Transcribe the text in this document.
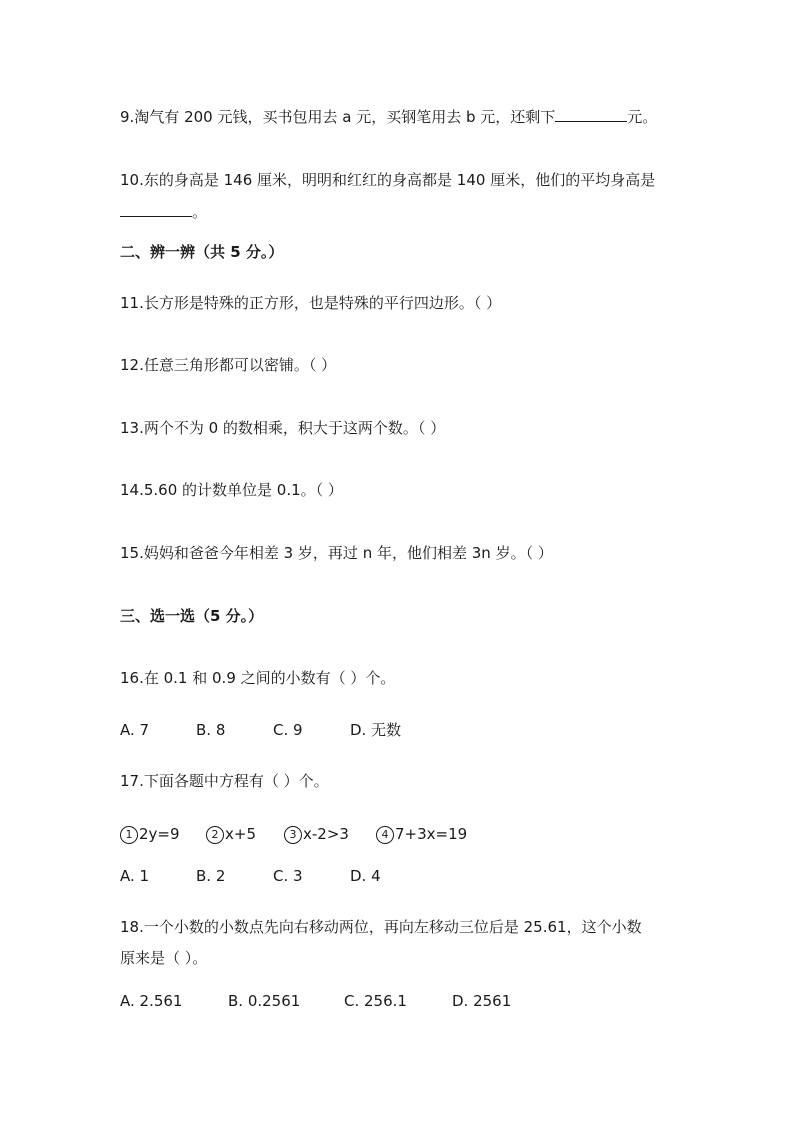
9.淘气有 200 元钱，买书包用去 a 元，买钢笔用去 b 元，还剩下	元。
10.东的身高是 146 厘米，明明和红红的身高都是 140 厘米，他们的平均身高是
。
二、辨一辨（共 5 分。）
11.长方形是特殊的正方形，也是特殊的平行四边形。（ ）
12.任意三角形都可以密铺。（ ）
13.两个不为 0 的数相乘，积大于这两个数。（ ）
14.5.60 的计数单位是 0.1。（ ）
15.妈妈和爸爸今年相差 3 岁，再过 n 年，他们相差 3n 岁。（ ）
三、选一选（5 分。）
16.在 0.1 和 0.9 之间的小数有（ ）个。
A. 7	B. 8	C. 9	D. 无数
17.下面各题中方程有（ ）个。
1 2y=9	2 x+5	3 x-2>3	4 7+3x=19
A. 1	B. 2	C. 3	D. 4
18.一个小数的小数点先向右移动两位，再向左移动三位后是 25.61，这个小数
原来是（ ）。
A. 2.561	B. 0.2561	C. 256.1	D. 2561
